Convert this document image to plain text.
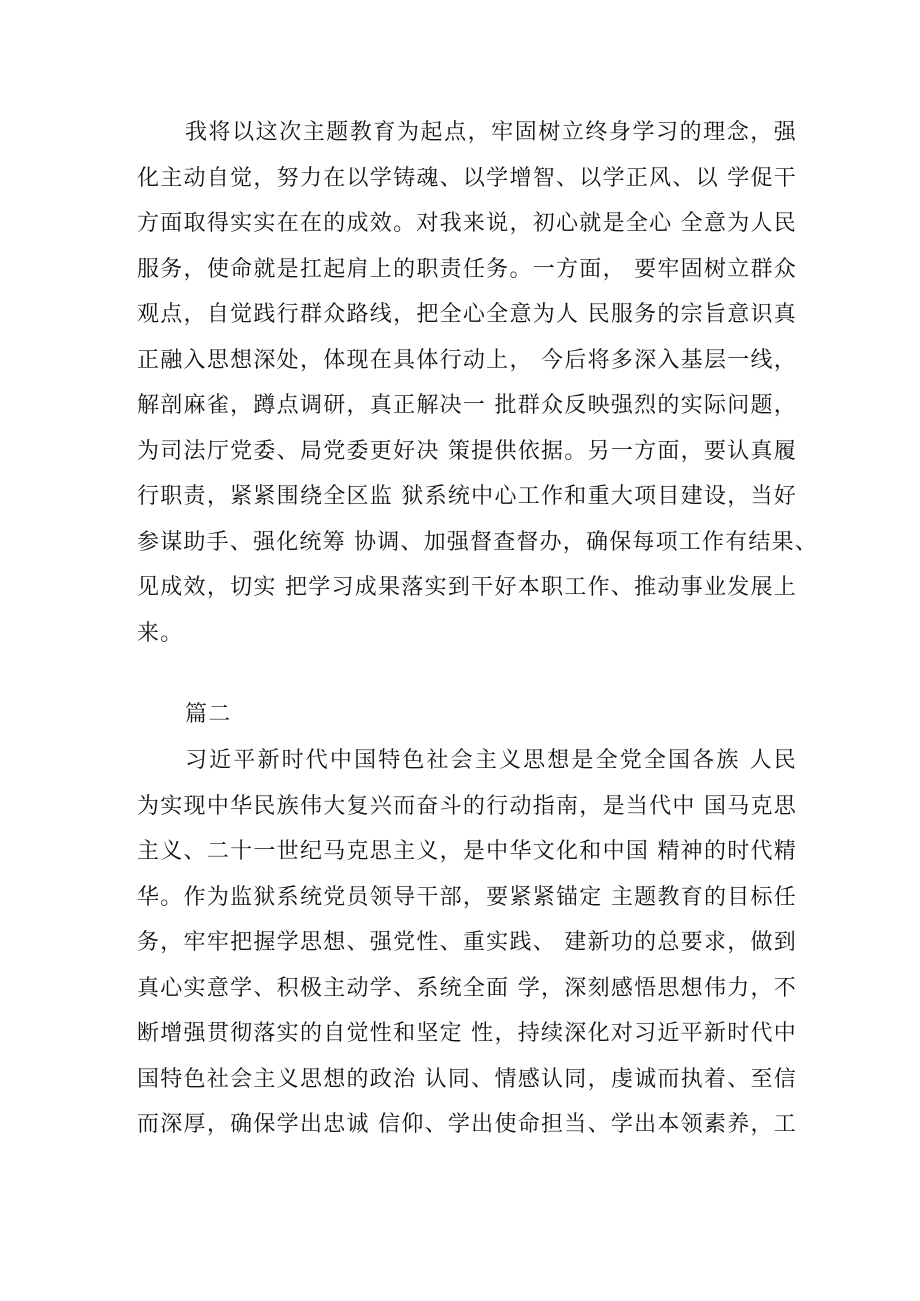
我将以这次主题教育为起点，牢固树立终身学习的理念，强
化主动自觉，努力在以学铸魂、以学增智、以学正风、以 学促干
方面取得实实在在的成效。对我来说，初心就是全心 全意为人民
服务，使命就是扛起肩上的职责任务。一方面， 要牢固树立群众
观点，自觉践行群众路线，把全心全意为人 民服务的宗旨意识真
正融入思想深处，体现在具体行动上， 今后将多深入基层一线，
解剖麻雀，蹲点调研，真正解决一 批群众反映强烈的实际问题，
为司法厅党委、局党委更好决 策提供依据。另一方面，要认真履
行职责，紧紧围绕全区监 狱系统中心工作和重大项目建设，当好
参谋助手、强化统筹 协调、加强督查督办，确保每项工作有结果、
见成效，切实 把学习成果落实到干好本职工作、推动事业发展上
来。
篇二
习近平新时代中国特色社会主义思想是全党全国各族 人民
为实现中华民族伟大复兴而奋斗的行动指南，是当代中 国马克思
主义、二十一世纪马克思主义，是中华文化和中国 精神的时代精
华。作为监狱系统党员领导干部，要紧紧锚定 主题教育的目标任
务，牢牢把握学思想、强党性、重实践、 建新功的总要求，做到
真心实意学、积极主动学、系统全面 学，深刻感悟思想伟力，不
断增强贯彻落实的自觉性和坚定 性，持续深化对习近平新时代中
国特色社会主义思想的政治 认同、情感认同，虔诚而执着、至信
而深厚，确保学出忠诚 信仰、学出使命担当、学出本领素养，工
